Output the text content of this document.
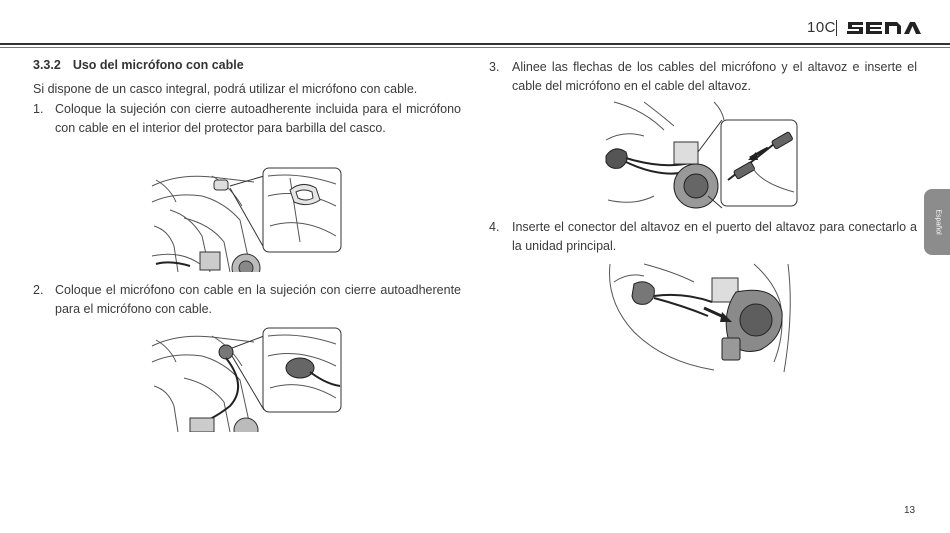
10C
3.3.2 Uso del micrófono con cable
Si dispone de un casco integral, podrá utilizar el micrófono con cable.
1. Coloque la sujeción con cierre autoadherente incluida para el micrófono con cable en el interior del protector para barbilla del casco.
2. Coloque el micrófono con cable en la sujeción con cierre autoadherente para el micrófono con cable.
3. Alinee las flechas de los cables del micrófono y el altavoz e inserte el cable del micrófono en el cable del altavoz.
4. Inserte el conector del altavoz en el puerto del altavoz para conectarlo a la unidad principal.
Español
13
